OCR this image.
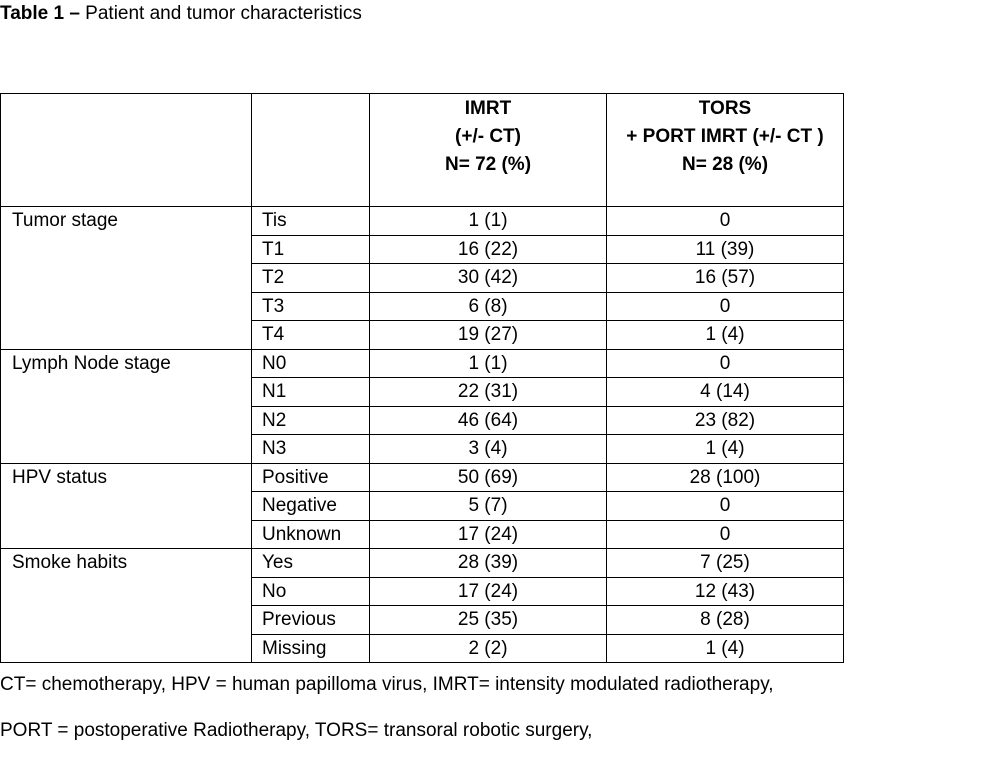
Table 1 – Patient and tumor characteristics

		IMRT
(+/- CT)
N= 72 (%)	TORS
+ PORT IMRT (+/- CT )
N= 28 (%)

Tumor stage	Tis	1 (1)	0
	T1	16 (22)	11 (39)
	T2	30 (42)	16 (57)
	T3	6 (8)	0
	T4	19 (27)	1 (4)
Lymph Node stage	N0	1 (1)	0
	N1	22 (31)	4 (14)
	N2	46 (64)	23 (82)
	N3	3 (4)	1 (4)
HPV status	Positive	50 (69)	28 (100)
	Negative	5 (7)	0
	Unknown	17 (24)	0
Smoke habits	Yes	28 (39)	7 (25)
	No	17 (24)	12 (43)
	Previous	25 (35)	8 (28)
	Missing	2 (2)	1 (4)
CT= chemotherapy, HPV = human papilloma virus, IMRT= intensity modulated radiotherapy,
PORT = postoperative Radiotherapy, TORS= transoral robotic surgery,
